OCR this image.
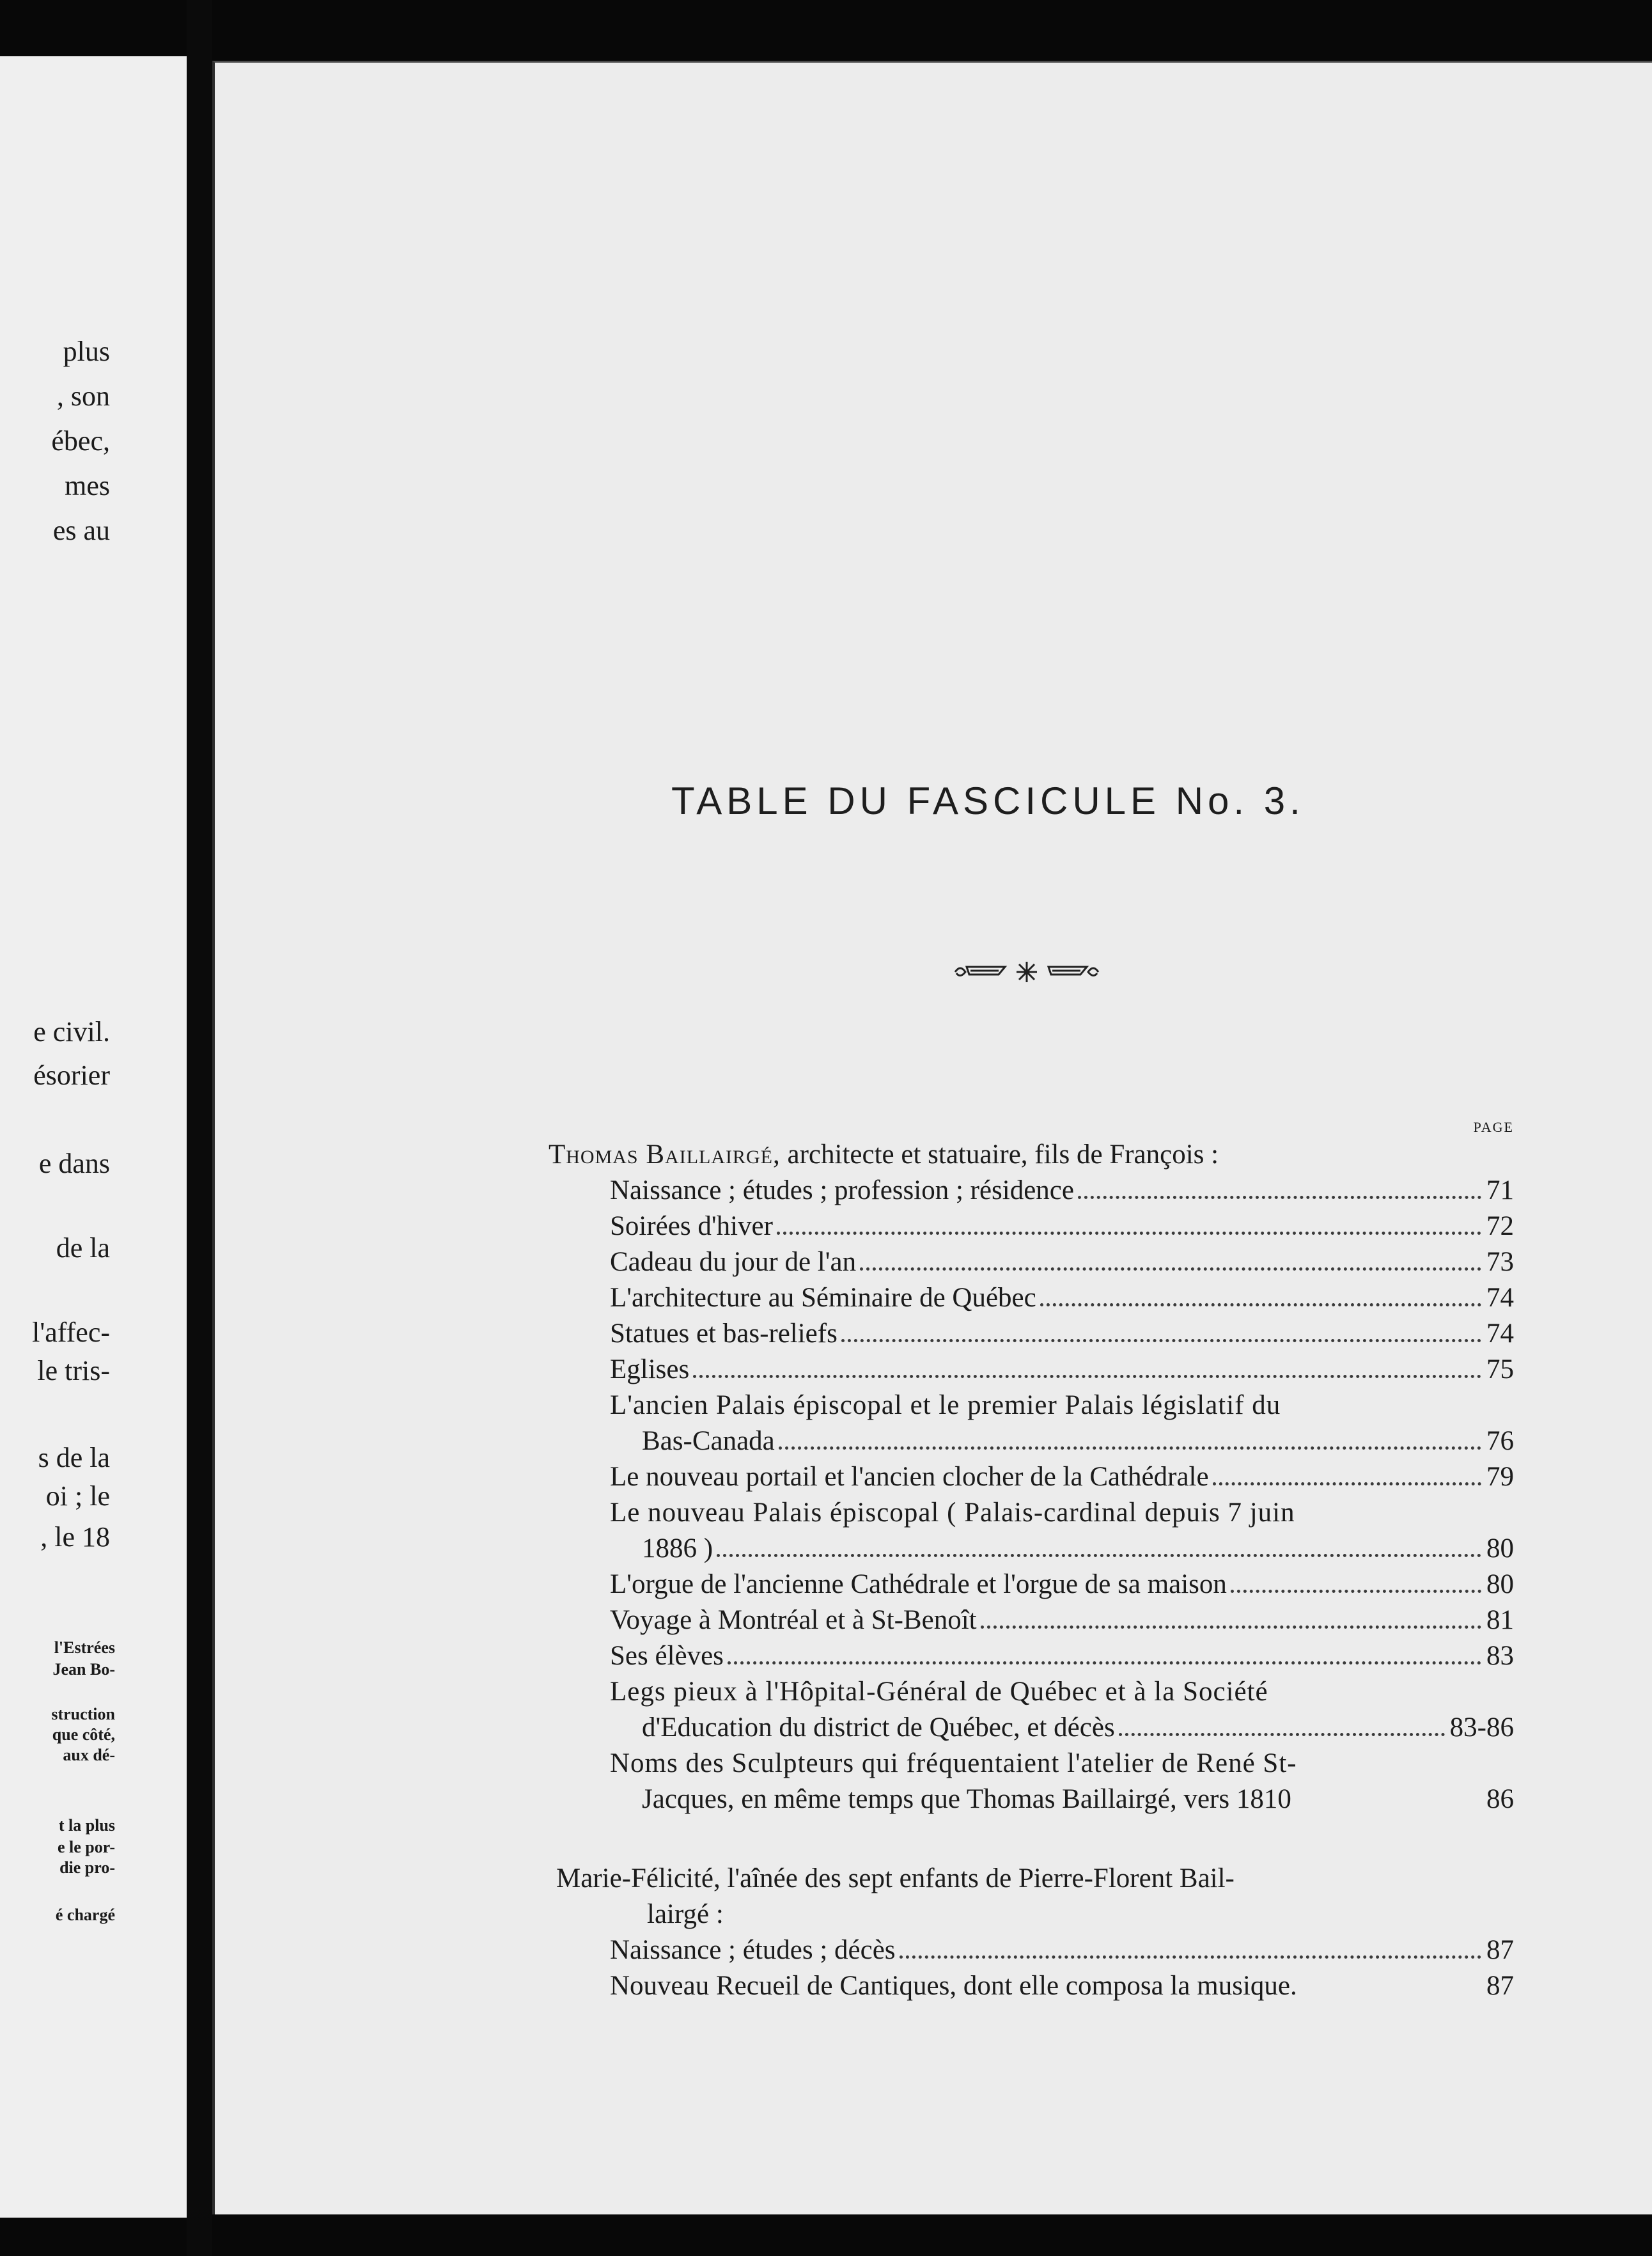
plus
, son
ébec,
mes
es au
e civil.
ésorier
e dans
de la
l'affec-
le tris-
s de la
oi ; le
, le 18
l'Estrées
Jean Bo-
struction
que côté,
aux dé-
t la plus
e le por-
die pro-
é chargé
TABLE DU FASCICULE No. 3.
PAGE
Thomas Baillairgé, architecte et statuaire, fils de François :
Naissance ; études ; profession ; résidence	71
Soirées d'hiver	72
Cadeau du jour de l'an	73
L'architecture au Séminaire de Québec	74
Statues et bas-reliefs	74
Eglises	75
L'ancien Palais épiscopal et le premier Palais législatif du
Bas-Canada	76
Le nouveau portail et l'ancien clocher de la Cathédrale	79
Le nouveau Palais épiscopal ( Palais-cardinal depuis 7 juin
1886 )	80
L'orgue de l'ancienne Cathédrale et l'orgue de sa maison	80
Voyage à Montréal et à St-Benoît	81
Ses élèves	83
Legs pieux à l'Hôpital-Général de Québec et à la Société
d'Education du district de Québec, et décès	83-86
Noms des Sculpteurs qui fréquentaient l'atelier de René St-
Jacques, en même temps que Thomas Baillairgé, vers 1810	86
Marie-Félicité, l'aînée des sept enfants de Pierre-Florent Bail-
lairgé :
Naissance ; études ; décès	87
Nouveau Recueil de Cantiques, dont elle composa la musique.	87
